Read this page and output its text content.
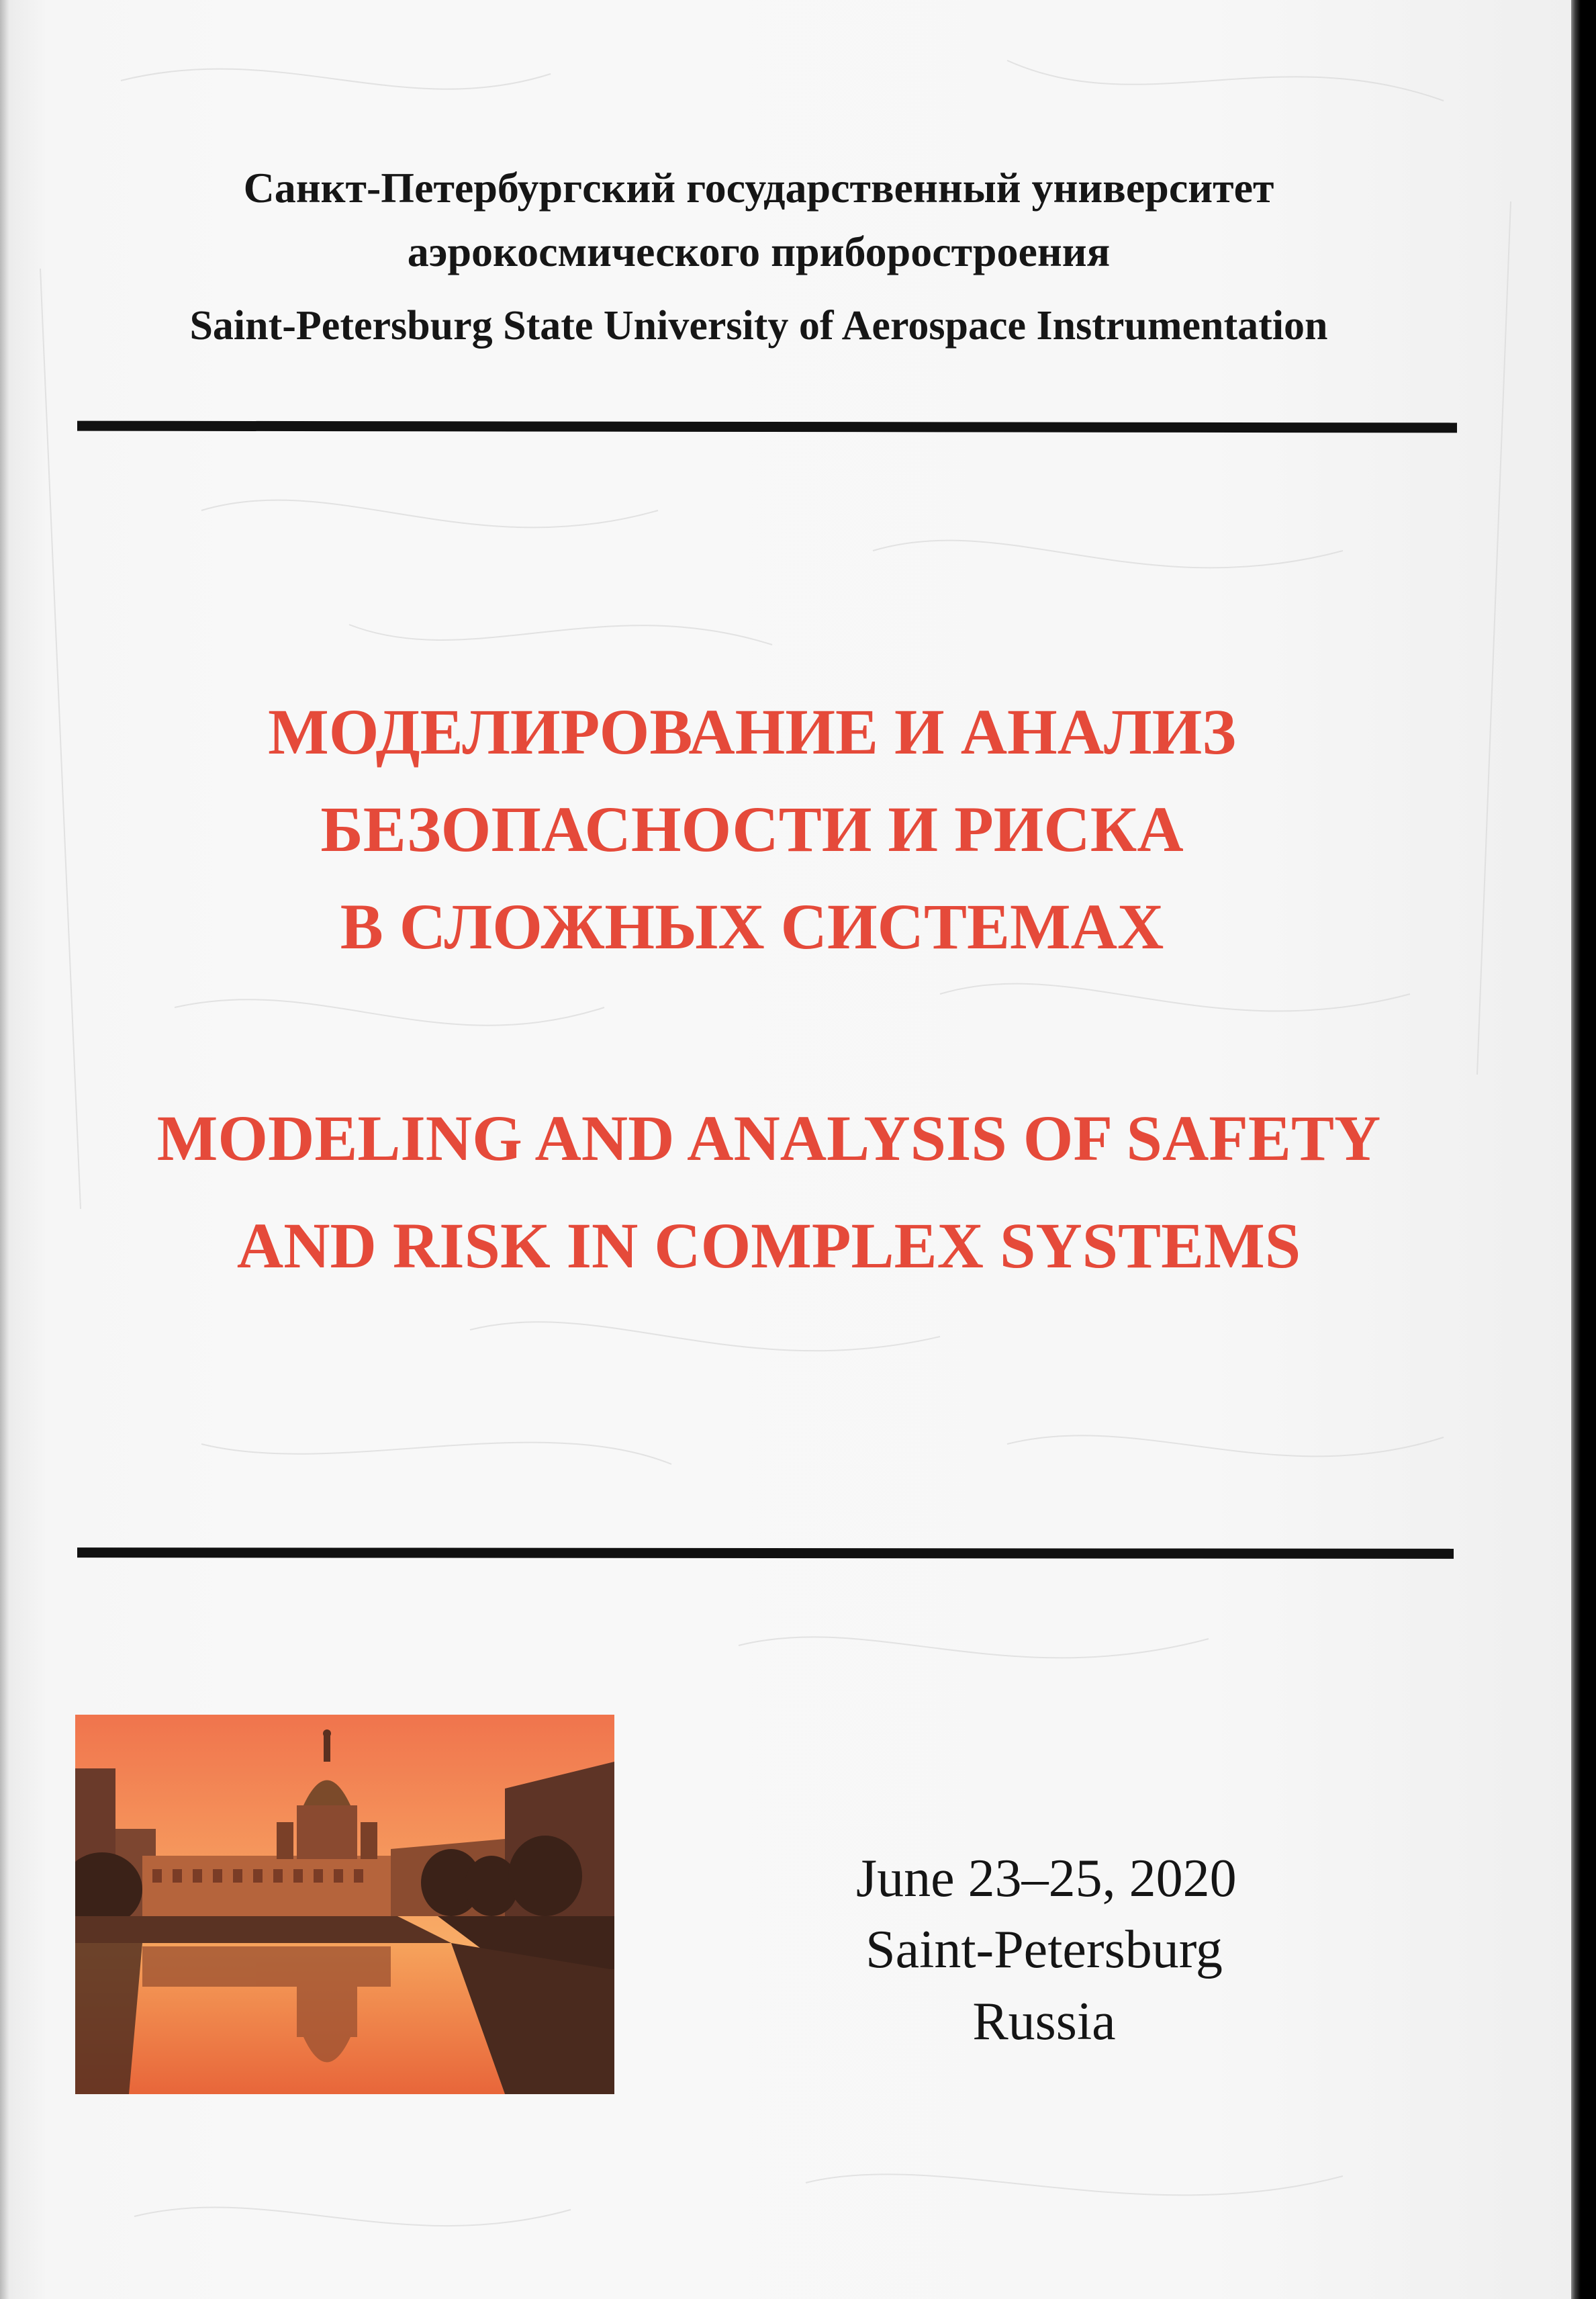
Санкт-Петербургский государственный университет

аэрокосмического приборостроения

Saint-Petersburg State University of Aerospace Instrumentation

МОДЕЛИРОВАНИЕ И АНАЛИЗ
БЕЗОПАСНОСТИ И РИСКА
В СЛОЖНЫХ СИСТЕМАХ
MODELING AND ANALYSIS OF SAFETY
AND RISK IN COMPLEX SYSTEMS

June 23–25, 2020

Saint-Petersburg

Russia
